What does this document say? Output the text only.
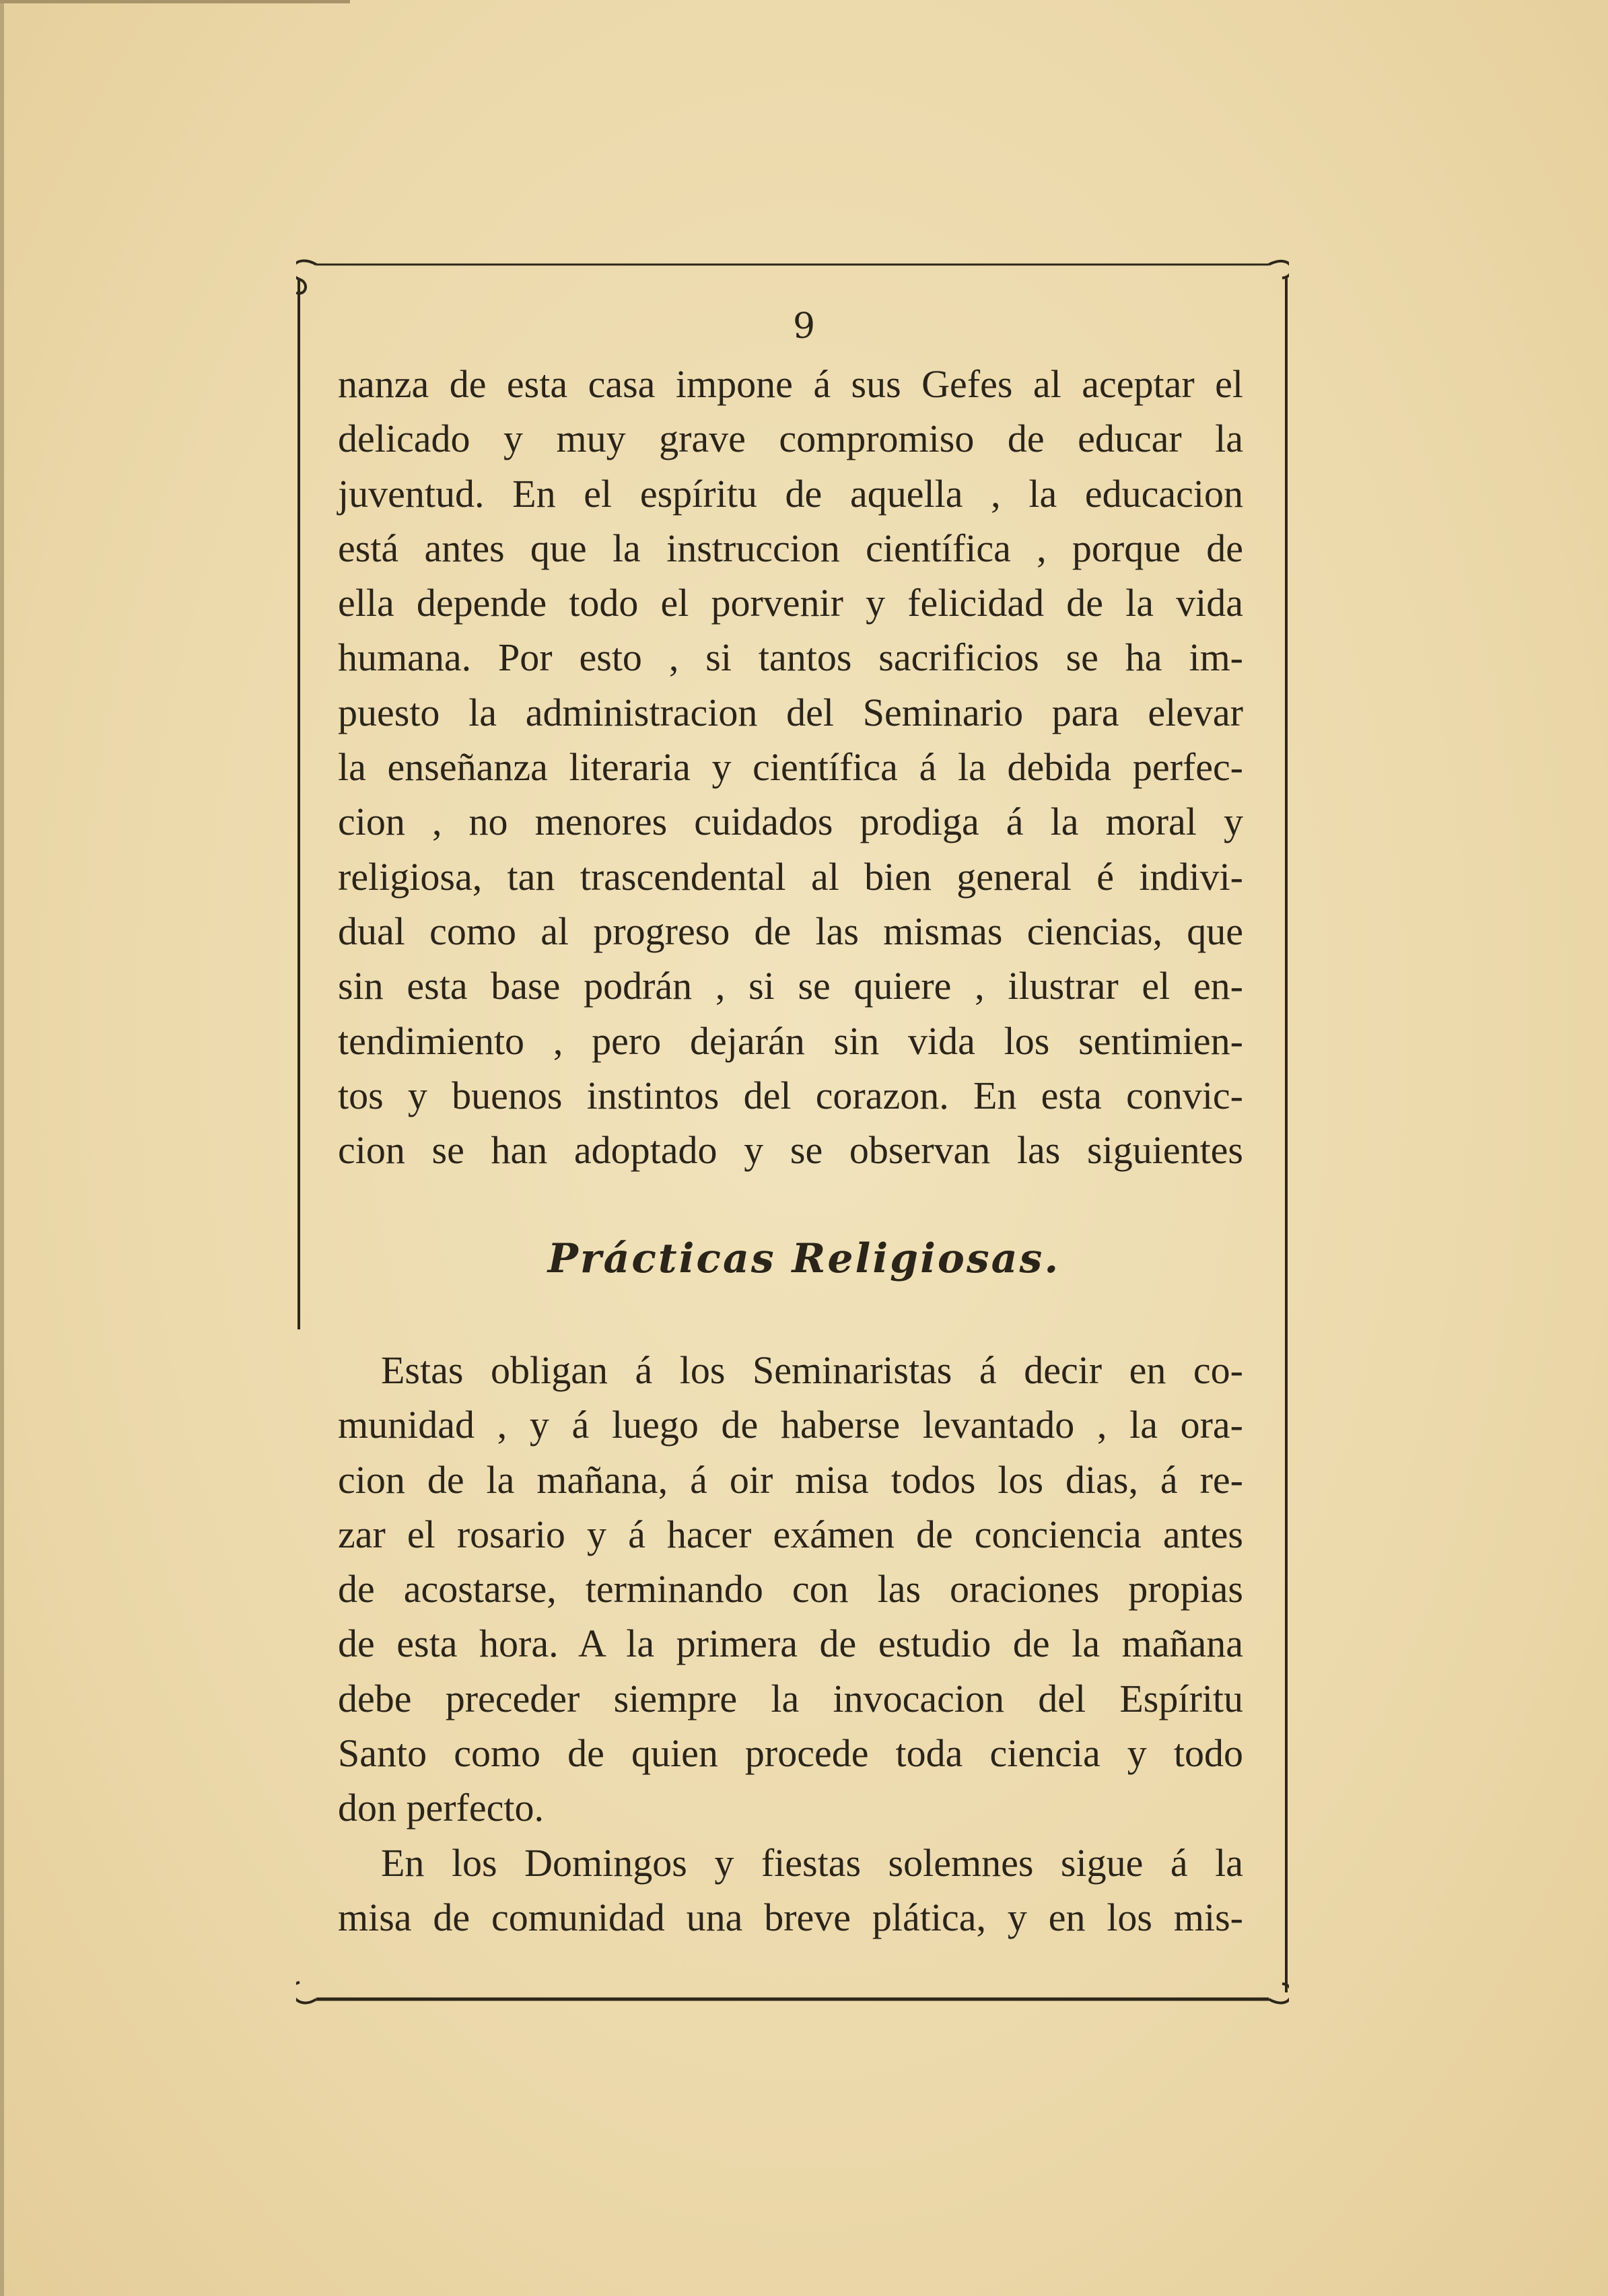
9
nanza de esta casa impone á sus Gefes al aceptar el
delicado y muy grave compromiso de educar la
juventud. En el espíritu de aquella , la educacion
está antes que la instruccion científica , porque de
ella depende todo el porvenir y felicidad de la vida
humana. Por esto , si tantos sacrificios se ha im-
puesto la administracion del Seminario para elevar
la enseñanza literaria y científica á la debida perfec-
cion , no menores cuidados prodiga á la moral y
religiosa, tan trascendental al bien general é indivi-
dual como al progreso de las mismas ciencias, que
sin esta base podrán , si se quiere , ilustrar el en-
tendimiento , pero dejarán sin vida los sentimien-
tos y buenos instintos del corazon. En esta convic-
cion se han adoptado y se observan las siguientes
Prácticas Religiosas.
Estas obligan á los Seminaristas á decir en co-
munidad , y á luego de haberse levantado , la ora-
cion de la mañana, á oir misa todos los dias, á re-
zar el rosario y á hacer exámen de conciencia antes
de acostarse, terminando con las oraciones propias
de esta hora. A la primera de estudio de la mañana
debe preceder siempre la invocacion del Espíritu
Santo como de quien procede toda ciencia y todo
don perfecto.
En los Domingos y fiestas solemnes sigue á la
misa de comunidad una breve plática, y en los mis-
